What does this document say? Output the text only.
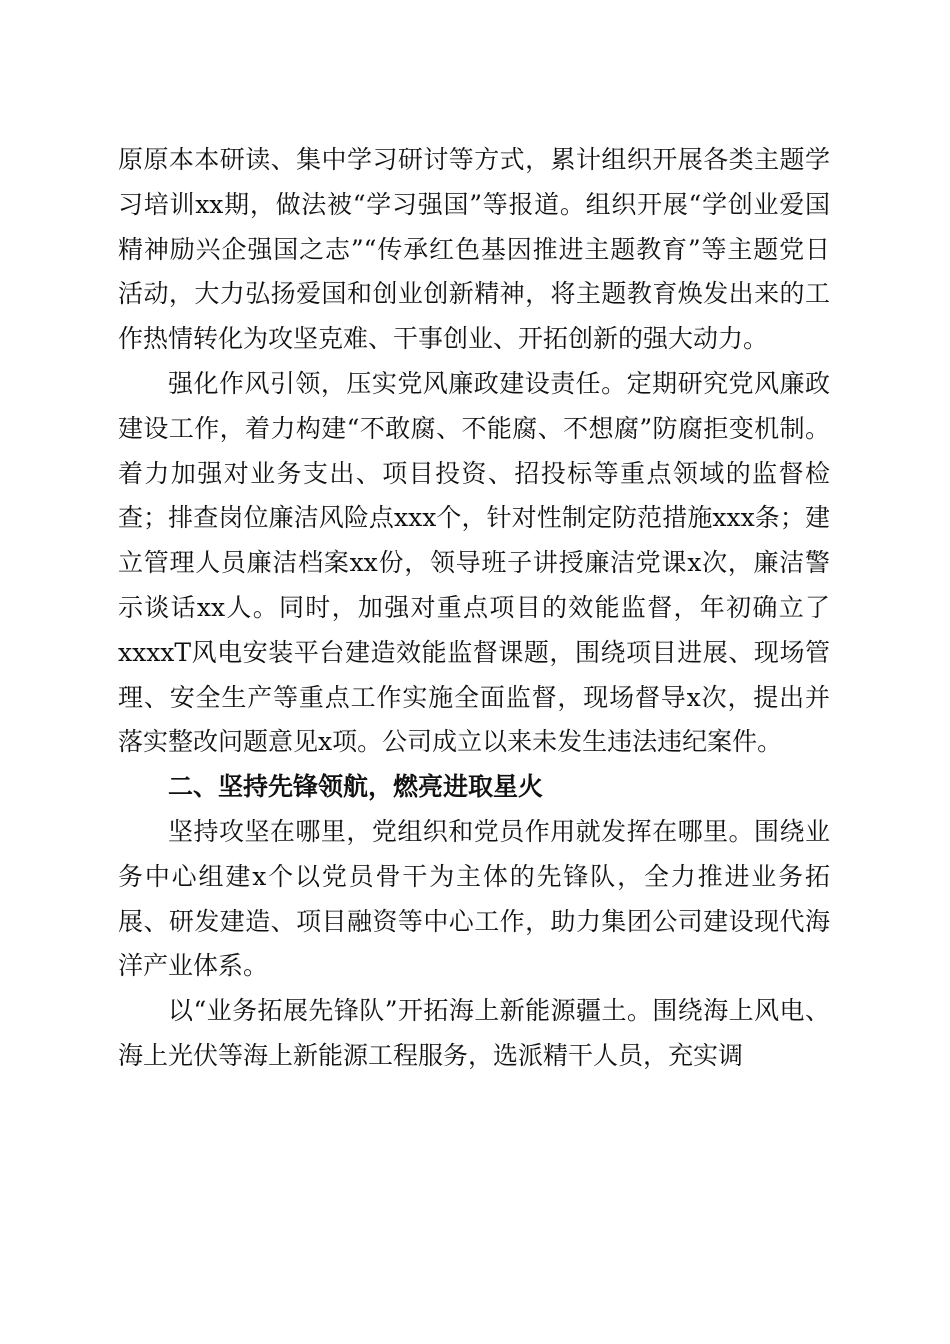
原原本本研读、集中学习研讨等方式，累计组织开展各类主题学习培训xx期，做法被“学习强国”等报道。组织开展“学创业爱国精神励兴企强国之志”“传承红色基因推进主题教育”等主题党日活动，大力弘扬爱国和创业创新精神，将主题教育焕发出来的工作热情转化为攻坚克难、干事创业、开拓创新的强大动力。

强化作风引领，压实党风廉政建设责任。定期研究党风廉政建设工作，着力构建“不敢腐、不能腐、不想腐”防腐拒变机制。着力加强对业务支出、项目投资、招投标等重点领域的监督检查；排查岗位廉洁风险点xxx个，针对性制定防范措施xxx条；建立管理人员廉洁档案xx份，领导班子讲授廉洁党课x次，廉洁警示谈话xx人。同时，加强对重点项目的效能监督，年初确立了xxxxT风电安装平台建造效能监督课题，围绕项目进展、现场管理、安全生产等重点工作实施全面监督，现场督导x次，提出并落实整改问题意见x项。公司成立以来未发生违法违纪案件。

二、坚持先锋领航，燃亮进取星火

坚持攻坚在哪里，党组织和党员作用就发挥在哪里。围绕业务中心组建x个以党员骨干为主体的先锋队，全力推进业务拓展、研发建造、项目融资等中心工作，助力集团公司建设现代海洋产业体系。

以“业务拓展先锋队”开拓海上新能源疆土。围绕海上风电、海上光伏等海上新能源工程服务，选派精干人员，充实调
